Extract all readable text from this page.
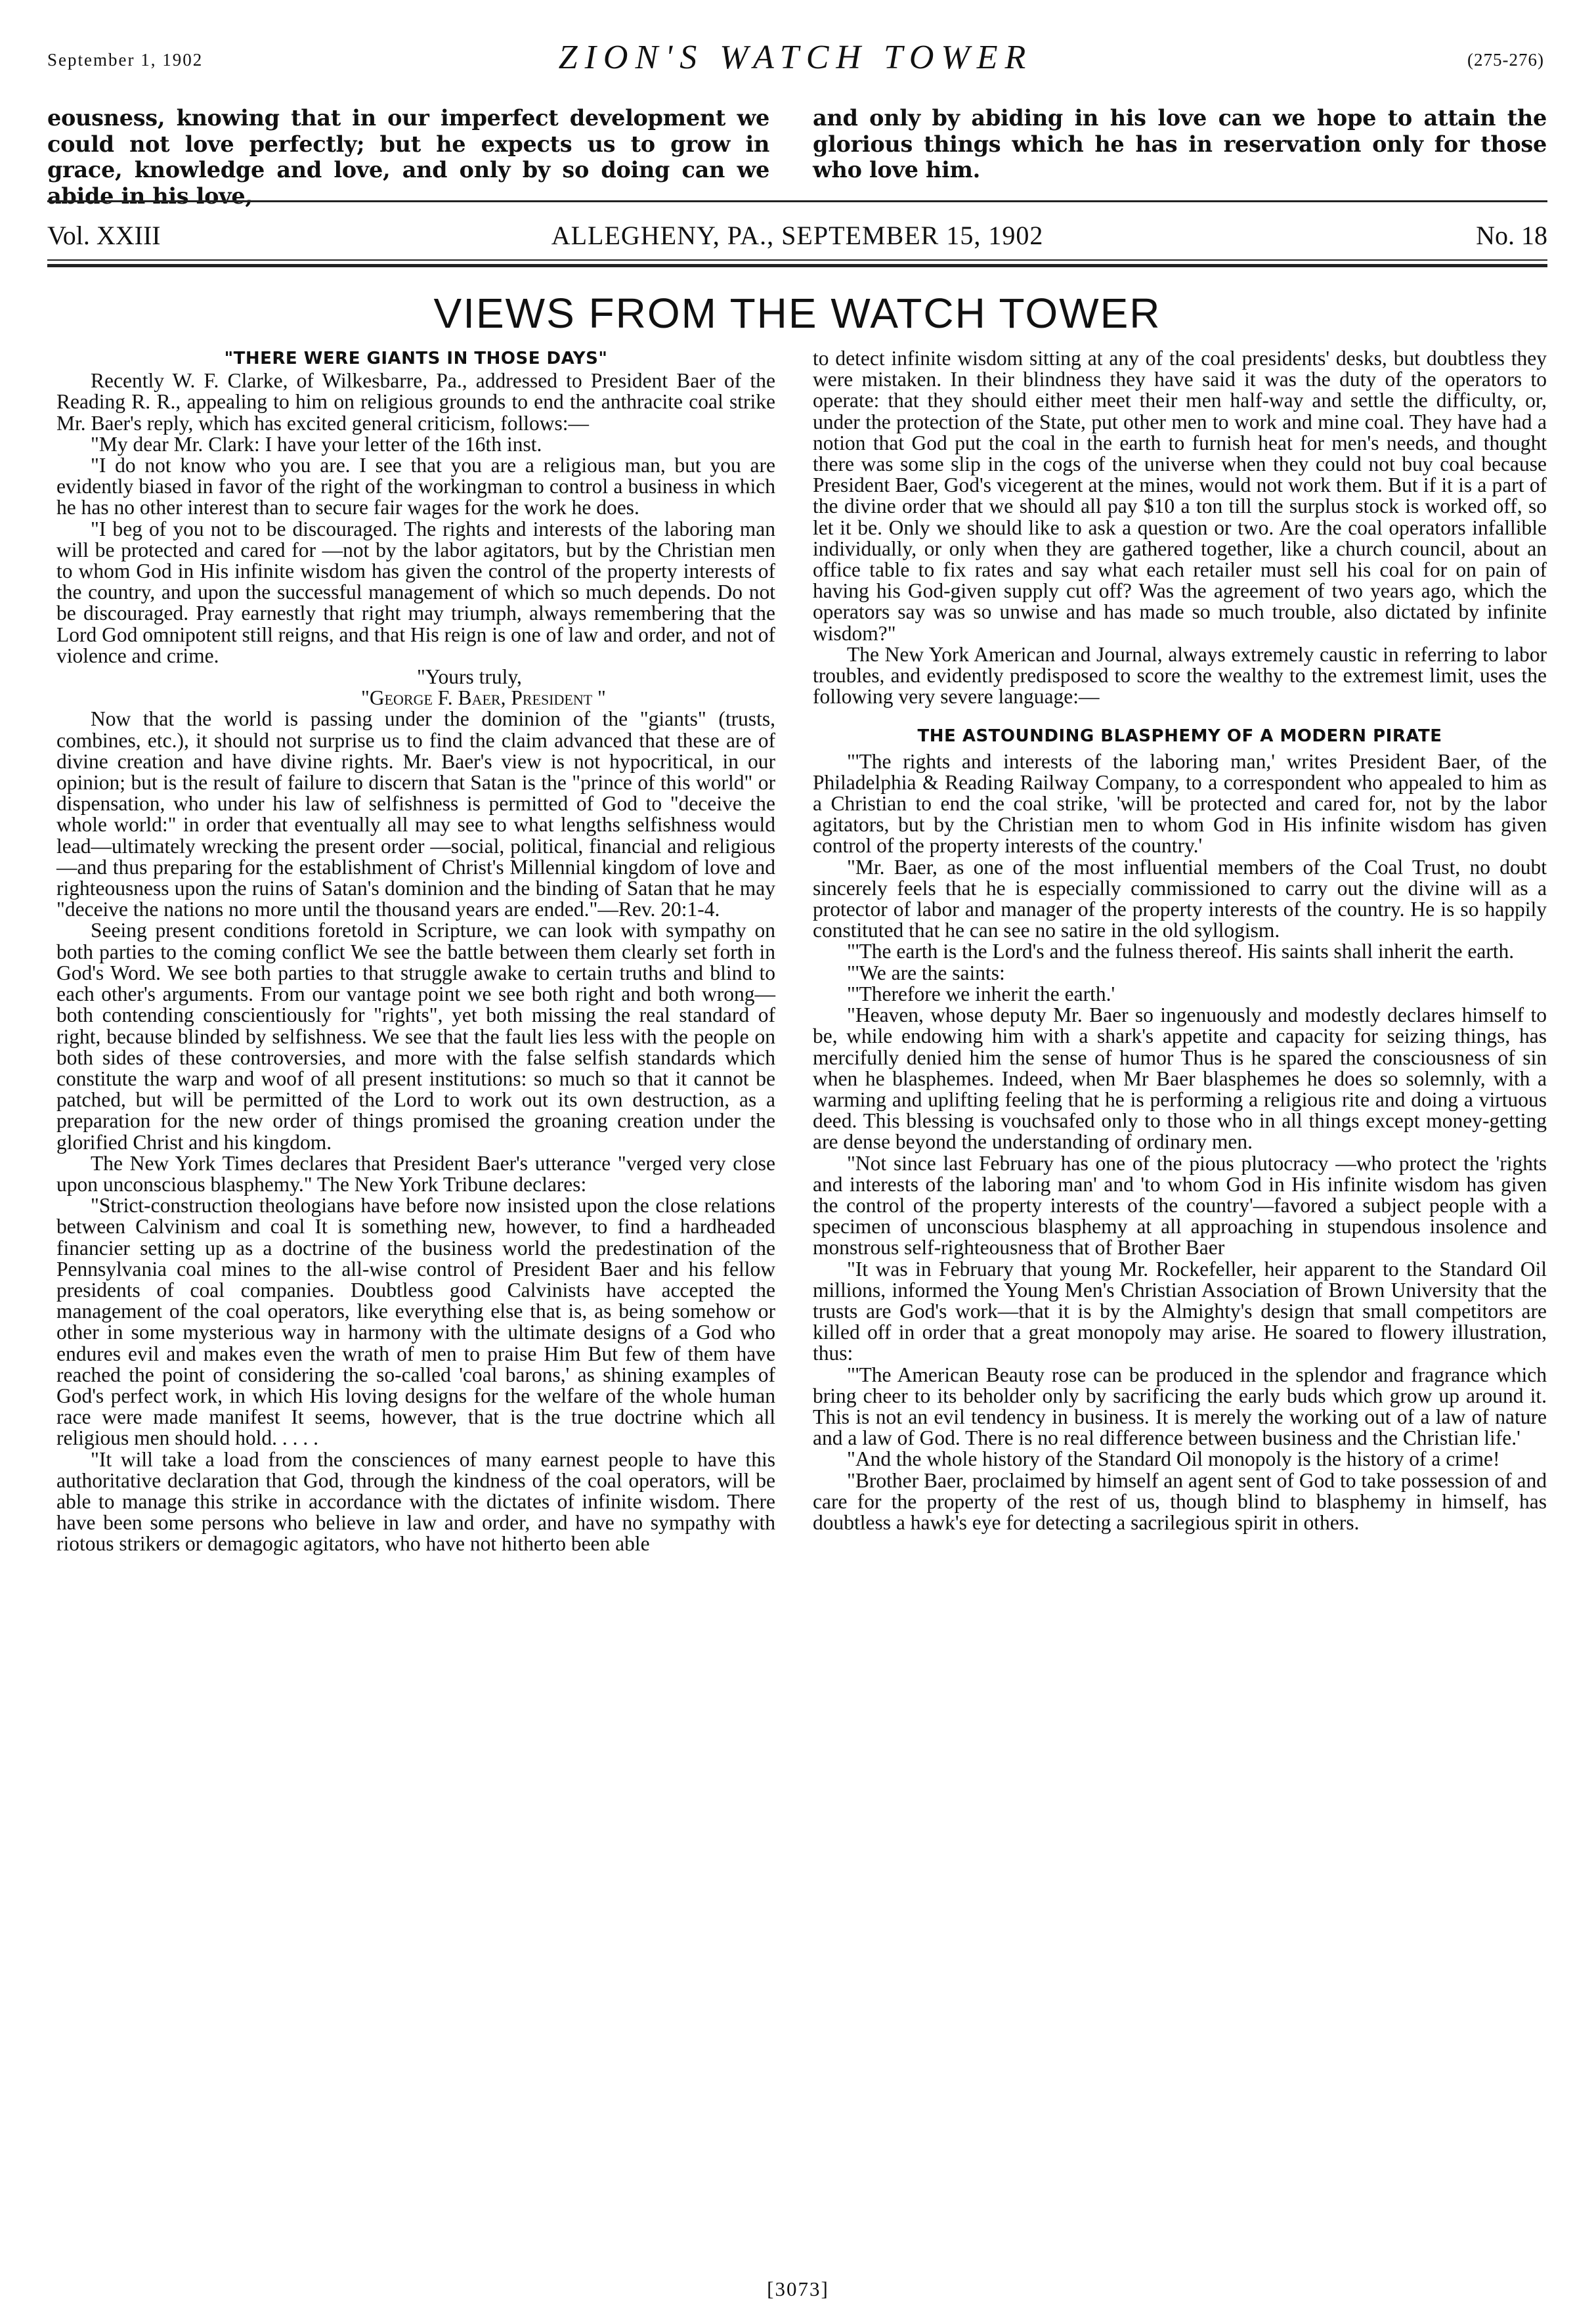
September 1, 1902	ZION'S WATCH TOWER	(275-276)
eousness, knowing that in our imperfect development we could not love perfectly; but he expects us to grow in grace, knowledge and love, and only by so doing can we abide in his love,
and only by abiding in his love can we hope to attain the glorious things which he has in reservation only for those who love him.
Vol. XXIII	ALLEGHENY, PA., SEPTEMBER 15, 1902	No. 18
VIEWS FROM THE WATCH TOWER
"THERE WERE GIANTS IN THOSE DAYS"

Recently W. F. Clarke, of Wilkesbarre, Pa., addressed to President Baer of the Reading R. R., appealing to him on religious grounds to end the anthracite coal strike Mr. Baer's reply, which has excited general criticism, follows:—

"My dear Mr. Clark: I have your letter of the 16th inst.

"I do not know who you are. I see that you are a religious man, but you are evidently biased in favor of the right of the workingman to control a business in which he has no other interest than to secure fair wages for the work he does.

"I beg of you not to be discouraged. The rights and interests of the laboring man will be protected and cared for —not by the labor agitators, but by the Christian men to whom God in His infinite wisdom has given the control of the property interests of the country, and upon the successful management of which so much depends. Do not be discouraged. Pray earnestly that right may triumph, always remembering that the Lord God omnipotent still reigns, and that His reign is one of law and order, and not of violence and crime.

"Yours truly,

"George F. Baer, President "

Now that the world is passing under the dominion of the "giants" (trusts, combines, etc.), it should not surprise us to find the claim advanced that these are of divine creation and have divine rights. Mr. Baer's view is not hypocritical, in our opinion; but is the result of failure to discern that Satan is the "prince of this world" or dispensation, who under his law of selfishness is permitted of God to "deceive the whole world:" in order that eventually all may see to what lengths selfishness would lead—ultimately wrecking the present order —social, political, financial and religious—and thus preparing for the establishment of Christ's Millennial kingdom of love and righteousness upon the ruins of Satan's dominion and the binding of Satan that he may "deceive the nations no more until the thousand years are ended."—Rev. 20:1-4.

Seeing present conditions foretold in Scripture, we can look with sympathy on both parties to the coming conflict We see the battle between them clearly set forth in God's Word. We see both parties to that struggle awake to certain truths and blind to each other's arguments. From our vantage point we see both right and both wrong—both contending conscientiously for "rights", yet both missing the real standard of right, because blinded by selfishness. We see that the fault lies less with the people on both sides of these controversies, and more with the false selfish standards which constitute the warp and woof of all present institutions: so much so that it cannot be patched, but will be permitted of the Lord to work out its own destruction, as a preparation for the new order of things promised the groaning creation under the glorified Christ and his kingdom.

The New York Times declares that President Baer's utterance "verged very close upon unconscious blasphemy." The New York Tribune declares:

"Strict-construction theologians have before now insisted upon the close relations between Calvinism and coal It is something new, however, to find a hardheaded financier setting up as a doctrine of the business world the predestination of the Pennsylvania coal mines to the all-wise control of President Baer and his fellow presidents of coal companies. Doubtless good Calvinists have accepted the management of the coal operators, like everything else that is, as being somehow or other in some mysterious way in harmony with the ultimate designs of a God who endures evil and makes even the wrath of men to praise Him But few of them have reached the point of considering the so-called 'coal barons,' as shining examples of God's perfect work, in which His loving designs for the welfare of the whole human race were made manifest It seems, however, that is the true doctrine which all religious men should hold. . . . .

"It will take a load from the consciences of many earnest people to have this authoritative declaration that God, through the kindness of the coal operators, will be able to manage this strike in accordance with the dictates of infinite wisdom. There have been some persons who believe in law and order, and have no sympathy with riotous strikers or demagogic agitators, who have not hitherto been able

to detect infinite wisdom sitting at any of the coal presidents' desks, but doubtless they were mistaken. In their blindness they have said it was the duty of the operators to operate: that they should either meet their men half-way and settle the difficulty, or, under the protection of the State, put other men to work and mine coal. They have had a notion that God put the coal in the earth to furnish heat for men's needs, and thought there was some slip in the cogs of the universe when they could not buy coal because President Baer, God's vicegerent at the mines, would not work them. But if it is a part of the divine order that we should all pay $10 a ton till the surplus stock is worked off, so let it be. Only we should like to ask a question or two. Are the coal operators infallible individually, or only when they are gathered together, like a church council, about an office table to fix rates and say what each retailer must sell his coal for on pain of having his God-given supply cut off? Was the agreement of two years ago, which the operators say was so unwise and has made so much trouble, also dictated by infinite wisdom?"

The New York American and Journal, always extremely caustic in referring to labor troubles, and evidently predisposed to score the wealthy to the extremest limit, uses the following very severe language:—

THE ASTOUNDING BLASPHEMY OF A MODERN PIRATE

"'The rights and interests of the laboring man,' writes President Baer, of the Philadelphia & Reading Railway Company, to a correspondent who appealed to him as a Christian to end the coal strike, 'will be protected and cared for, not by the labor agitators, but by the Christian men to whom God in His infinite wisdom has given control of the property interests of the country.'

"Mr. Baer, as one of the most influential members of the Coal Trust, no doubt sincerely feels that he is especially commissioned to carry out the divine will as a protector of labor and manager of the property interests of the country. He is so happily constituted that he can see no satire in the old syllogism.

"'The earth is the Lord's and the fulness thereof. His saints shall inherit the earth.

"'We are the saints:

"'Therefore we inherit the earth.'

"Heaven, whose deputy Mr. Baer so ingenuously and modestly declares himself to be, while endowing him with a shark's appetite and capacity for seizing things, has mercifully denied him the sense of humor Thus is he spared the consciousness of sin when he blasphemes. Indeed, when Mr Baer blasphemes he does so solemnly, with a warming and uplifting feeling that he is performing a religious rite and doing a virtuous deed. This blessing is vouchsafed only to those who in all things except money-getting are dense beyond the understanding of ordinary men.

"Not since last February has one of the pious plutocracy —who protect the 'rights and interests of the laboring man' and 'to whom God in His infinite wisdom has given the control of the property interests of the country'—favored a subject people with a specimen of unconscious blasphemy at all approaching in stupendous insolence and monstrous self-righteousness that of Brother Baer

"It was in February that young Mr. Rockefeller, heir apparent to the Standard Oil millions, informed the Young Men's Christian Association of Brown University that the trusts are God's work—that it is by the Almighty's design that small competitors are killed off in order that a great monopoly may arise. He soared to flowery illustration, thus:

"'The American Beauty rose can be produced in the splendor and fragrance which bring cheer to its beholder only by sacrificing the early buds which grow up around it. This is not an evil tendency in business. It is merely the working out of a law of nature and a law of God. There is no real difference between business and the Christian life.'

"And the whole history of the Standard Oil monopoly is the history of a crime!

"Brother Baer, proclaimed by himself an agent sent of God to take possession of and care for the property of the rest of us, though blind to blasphemy in himself, has doubtless a hawk's eye for detecting a sacrilegious spirit in others.

[3073]
